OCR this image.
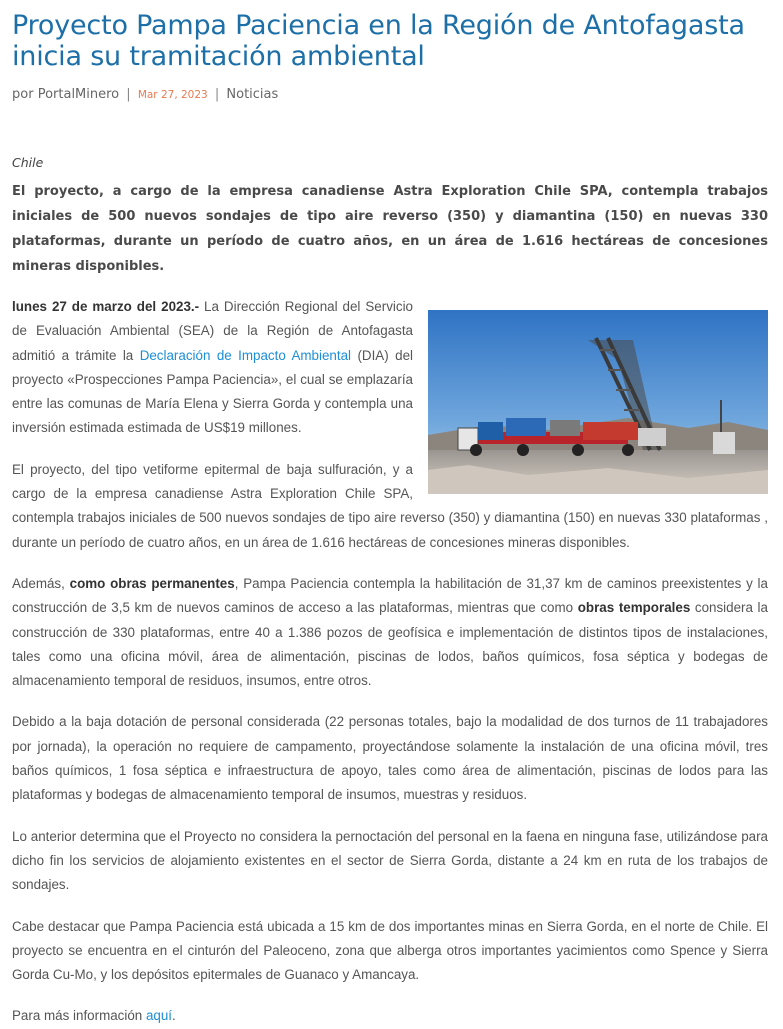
Proyecto Pampa Paciencia en la Región de Antofagasta inicia su tramitación ambiental
por PortalMinero | Mar 27, 2023 | Noticias
Chile
El proyecto, a cargo de la empresa canadiense Astra Exploration Chile SPA, contempla trabajos iniciales de 500 nuevos sondajes de tipo aire reverso (350) y diamantina (150) en nuevas 330 plataformas, durante un período de cuatro años, en un área de 1.616 hectáreas de concesiones mineras disponibles.

lunes 27 de marzo del 2023.- La Dirección Regional del Servicio de Evaluación Ambiental (SEA) de la Región de Antofagasta admitió a trámite la Declaración de Impacto Ambiental (DIA) del proyecto «Prospecciones Pampa Paciencia», el cual se emplazaría entre las comunas de María Elena y Sierra Gorda y contempla una inversión estimada estimada de US$19 millones.

El proyecto, del tipo vetiforme epitermal de baja sulfuración, y a cargo de la empresa canadiense Astra Exploration Chile SPA, contempla trabajos iniciales de 500 nuevos sondajes de tipo aire reverso (350) y diamantina (150) en nuevas 330 plataformas , durante un período de cuatro años, en un área de 1.616 hectáreas de concesiones mineras disponibles.

Además, como obras permanentes, Pampa Paciencia contempla la habilitación de 31,37 km de caminos preexistentes y la construcción de 3,5 km de nuevos caminos de acceso a las plataformas, mientras que como obras temporales considera la construcción de 330 plataformas, entre 40 a 1.386 pozos de geofísica e implementación de distintos tipos de instalaciones, tales como una oficina móvil, área de alimentación, piscinas de lodos, baños químicos, fosa séptica y bodegas de almacenamiento temporal de residuos, insumos, entre otros.

Debido a la baja dotación de personal considerada (22 personas totales, bajo la modalidad de dos turnos de 11 trabajadores por jornada), la operación no requiere de campamento, proyectándose solamente la instalación de una oficina móvil, tres baños químicos, 1 fosa séptica e infraestructura de apoyo, tales como área de alimentación, piscinas de lodos para las plataformas y bodegas de almacenamiento temporal de insumos, muestras y residuos.

Lo anterior determina que el Proyecto no considera la pernoctación del personal en la faena en ninguna fase, utilizándose para dicho fin los servicios de alojamiento existentes en el sector de Sierra Gorda, distante a 24 km en ruta de los trabajos de sondajes.

Cabe destacar que Pampa Paciencia está ubicada a 15 km de dos importantes minas en Sierra Gorda, en el norte de Chile. El proyecto se encuentra en el cinturón del Paleoceno, zona que alberga otros importantes yacimientos como Spence y Sierra Gorda Cu-Mo, y los depósitos epitermales de Guanaco y Amancaya.

Para más información aquí.
